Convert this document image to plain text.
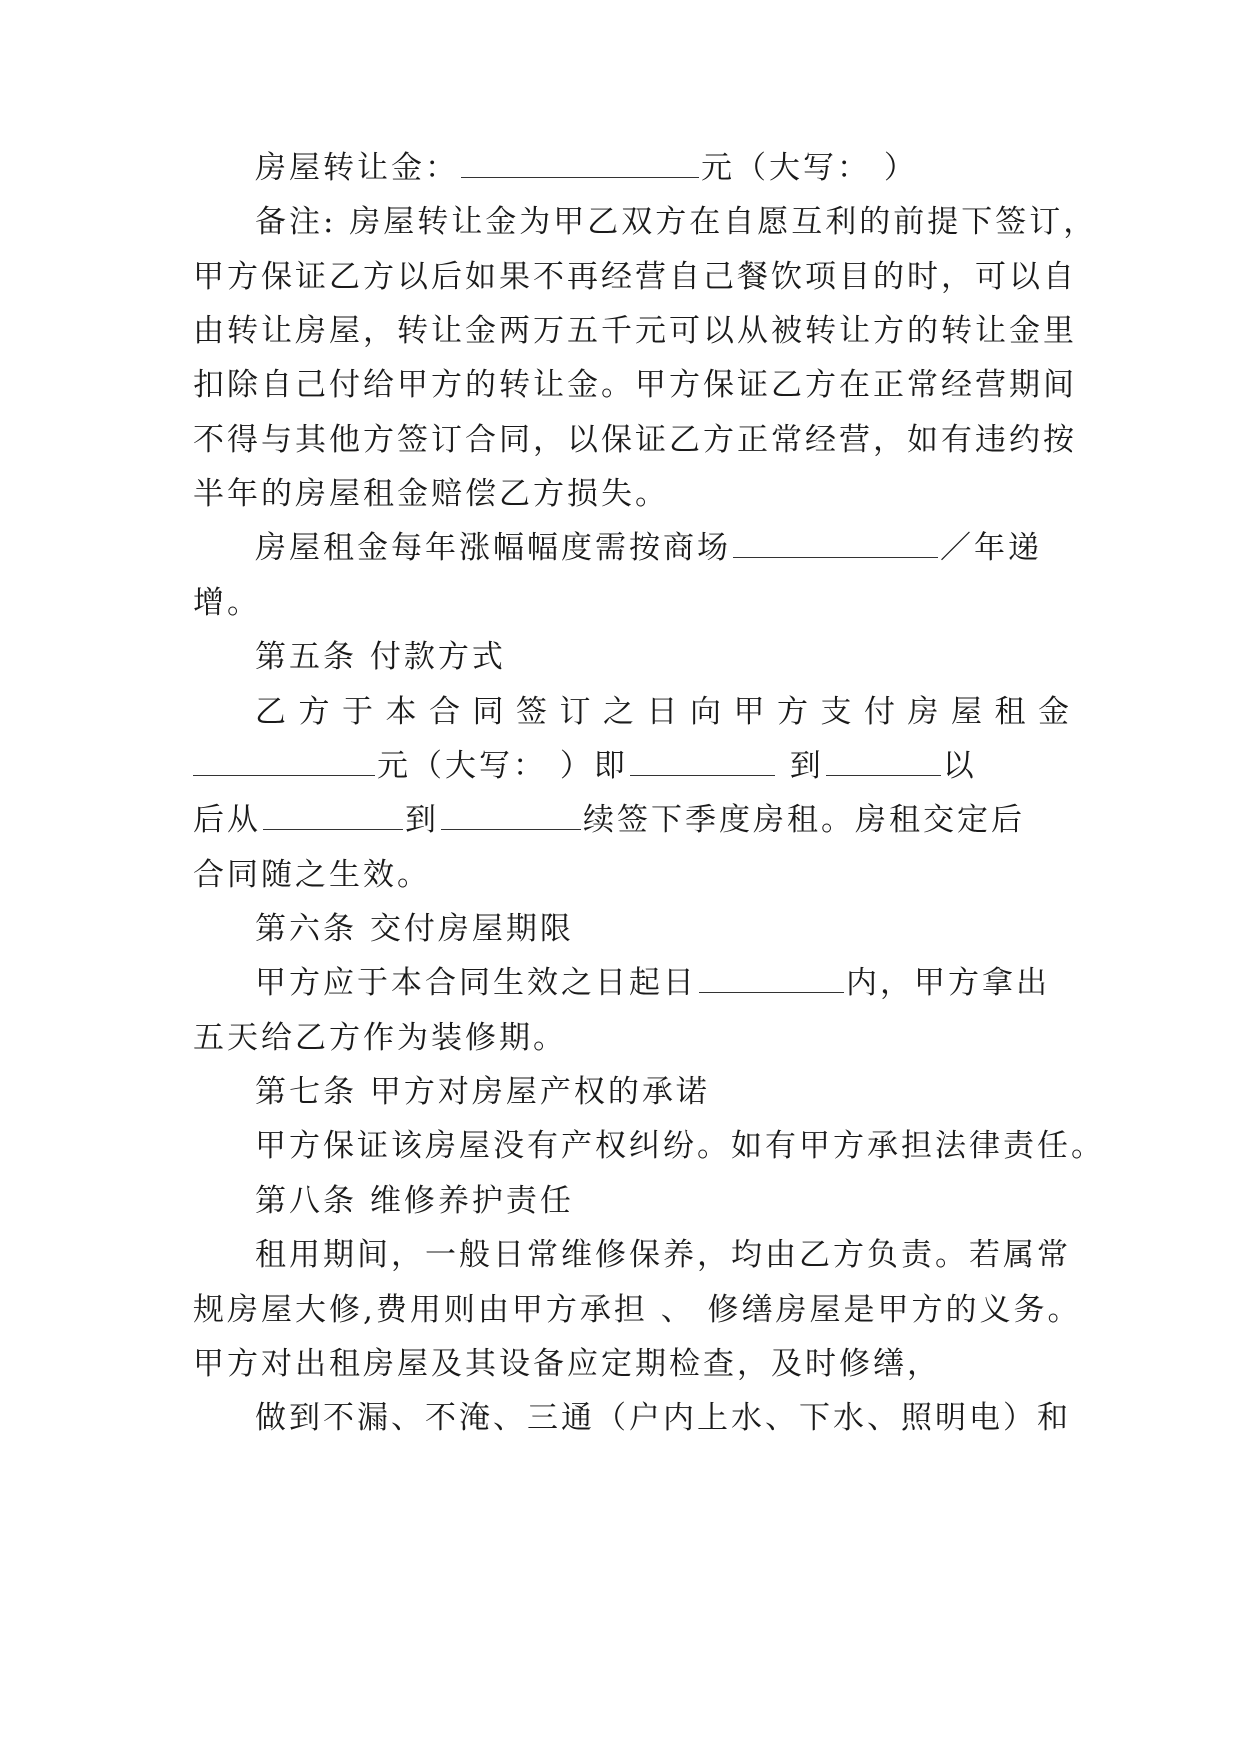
房屋转让金：	元（大写： ）
备注: 房屋转让金为甲乙双方在自愿互利的前提下签订，
甲方保证乙方以后如果不再经营自己餐饮项目的时，可以自
由转让房屋，转让金两万五千元可以从被转让方的转让金里
扣除自己付给甲方的转让金。甲方保证乙方在正常经营期间
不得与其他方签订合同，以保证乙方正常经营，如有违约按
半年的房屋租金赔偿乙方损失。
房屋租金每年涨幅幅度需按商场	／年递
增。
第五条 付款方式
乙方于本合同签订之日向甲方支付房屋租金
元（大写： ）即	到	以
后从	到	续签下季度房租。房租交定后
合同随之生效。
第六条 交付房屋期限
甲方应于本合同生效之日起日	内，甲方拿出
五天给乙方作为装修期。
第七条 甲方对房屋产权的承诺
甲方保证该房屋没有产权纠纷。如有甲方承担法律责任。
第八条 维修养护责任
租用期间，一般日常维修保养，均由乙方负责。若属常
规房屋大修,费用则由甲方承担 、 修缮房屋是甲方的义务。
甲方对出租房屋及其设备应定期检查，及时修缮，
做到不漏、不淹、三通（户内上水、下水、照明电）和
